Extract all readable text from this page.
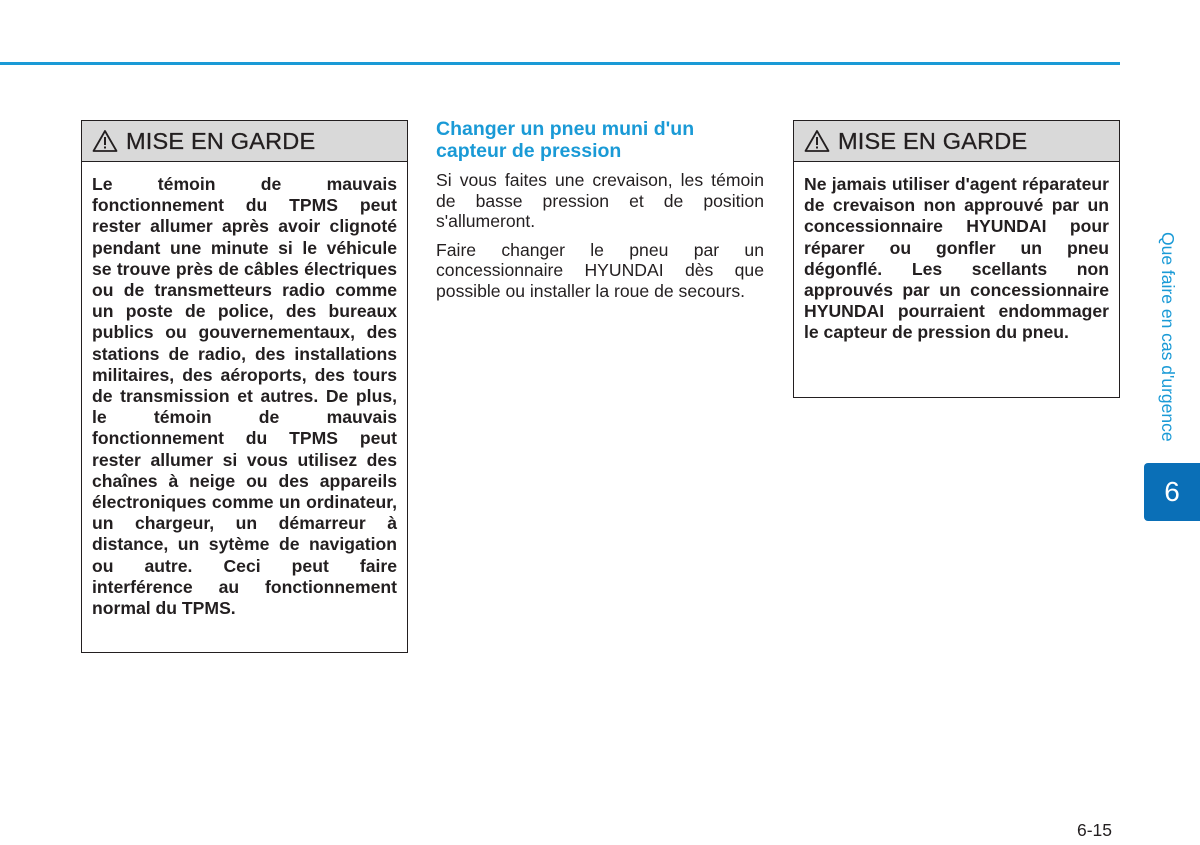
MISE EN GARDE

Le témoin de mauvais fonctionnement du TPMS peut rester allumer après avoir clignoté pendant une minute si le véhicule se trouve près de câbles électriques ou de transmetteurs radio comme un poste de police, des bureaux publics ou gouvernementaux, des stations de radio, des installations militaires, des aéroports, des tours de transmission et autres. De plus, le témoin de mauvais fonctionnement du TPMS peut rester allumer si vous utilisez des chaînes à neige ou des appareils électroniques comme un ordinateur, un chargeur, un démarreur à distance, un sytème de navigation ou autre. Ceci peut faire interférence au fonctionnement normal du TPMS.

Changer un pneu muni d'un capteur de pression

Si vous faites une crevaison, les témoin de basse pression et de position s'allumeront.

Faire changer le pneu par un concessionnaire HYUNDAI dès que possible ou installer la roue de secours.

MISE EN GARDE

Ne jamais utiliser d'agent réparateur de crevaison non approuvé par un concessionnaire HYUNDAI pour réparer ou gonfler un pneu dégonflé. Les scellants non approuvés par un concessionnaire HYUNDAI pourraient endommager le capteur de pression du pneu.	Que faire en cas d'urgence
6
6-15
